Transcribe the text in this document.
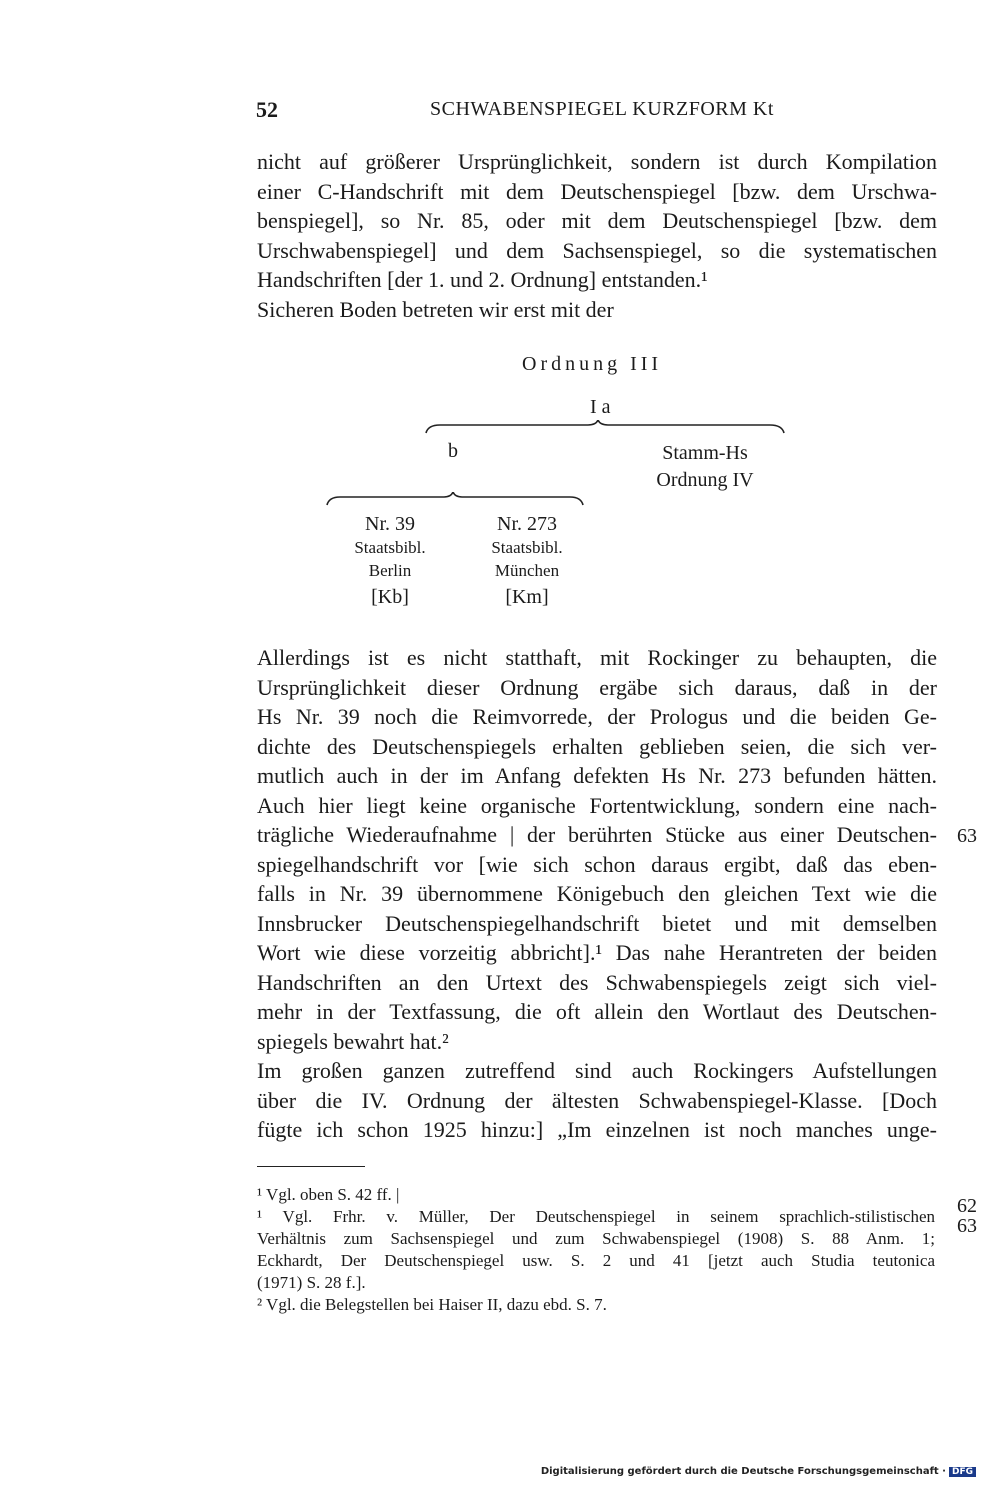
52	SCHWABENSPIEGEL KURZFORM Kt
nicht auf größerer Ursprünglichkeit, sondern ist durch Kompilation
einer C-Handschrift mit dem Deutschenspiegel [bzw. dem Urschwa-
benspiegel], so Nr. 85, oder mit dem Deutschenspiegel [bzw. dem
Urschwabenspiegel] und dem Sachsenspiegel, so die systematischen
Handschriften [der 1. und 2. Ordnung] entstanden.¹
Sicheren Boden betreten wir erst mit der
Ordnung III
I a
b	Stamm-Hs
Ordnung IV
Nr. 39
Staatsbibl.
Berlin
[Kb]
Nr. 273
Staatsbibl.
München
[Km]
Allerdings ist es nicht statthaft, mit Rockinger zu behaupten, die
Ursprünglichkeit dieser Ordnung ergäbe sich daraus, daß in der
Hs Nr. 39 noch die Reimvorrede, der Prologus und die beiden Ge-
dichte des Deutschenspiegels erhalten geblieben seien, die sich ver-
mutlich auch in der im Anfang defekten Hs Nr. 273 befunden hätten.
Auch hier liegt keine organische Fortentwicklung, sondern eine nach-
trägliche Wiederaufnahme | der berührten Stücke aus einer Deutschen-
spiegelhandschrift vor [wie sich schon daraus ergibt, daß das eben-
falls in Nr. 39 übernommene Königebuch den gleichen Text wie die
Innsbrucker Deutschenspiegelhandschrift bietet und mit demselben
Wort wie diese vorzeitig abbricht].¹ Das nahe Herantreten der beiden
Handschriften an den Urtext des Schwabenspiegels zeigt sich viel-
mehr in der Textfassung, die oft allein den Wortlaut des Deutschen-
spiegels bewahrt hat.²
Im großen ganzen zutreffend sind auch Rockingers Aufstellungen
über die IV. Ordnung der ältesten Schwabenspiegel-Klasse. [Doch
fügte ich schon 1925 hinzu:] „Im einzelnen ist noch manches unge-
63
¹ Vgl. oben S. 42 ff. |
¹ Vgl. Frhr. v. Müller, Der Deutschenspiegel in seinem sprachlich-stilistischen
Verhältnis zum Sachsenspiegel und zum Schwabenspiegel (1908) S. 88 Anm. 1;
Eckhardt, Der Deutschenspiegel usw. S. 2 und 41 [jetzt auch Studia teutonica
(1971) S. 28 f.].
² Vgl. die Belegstellen bei Haiser II, dazu ebd. S. 7.
62
63
Digitalisierung gefördert durch die Deutsche Forschungsgemeinschaft · DFG
